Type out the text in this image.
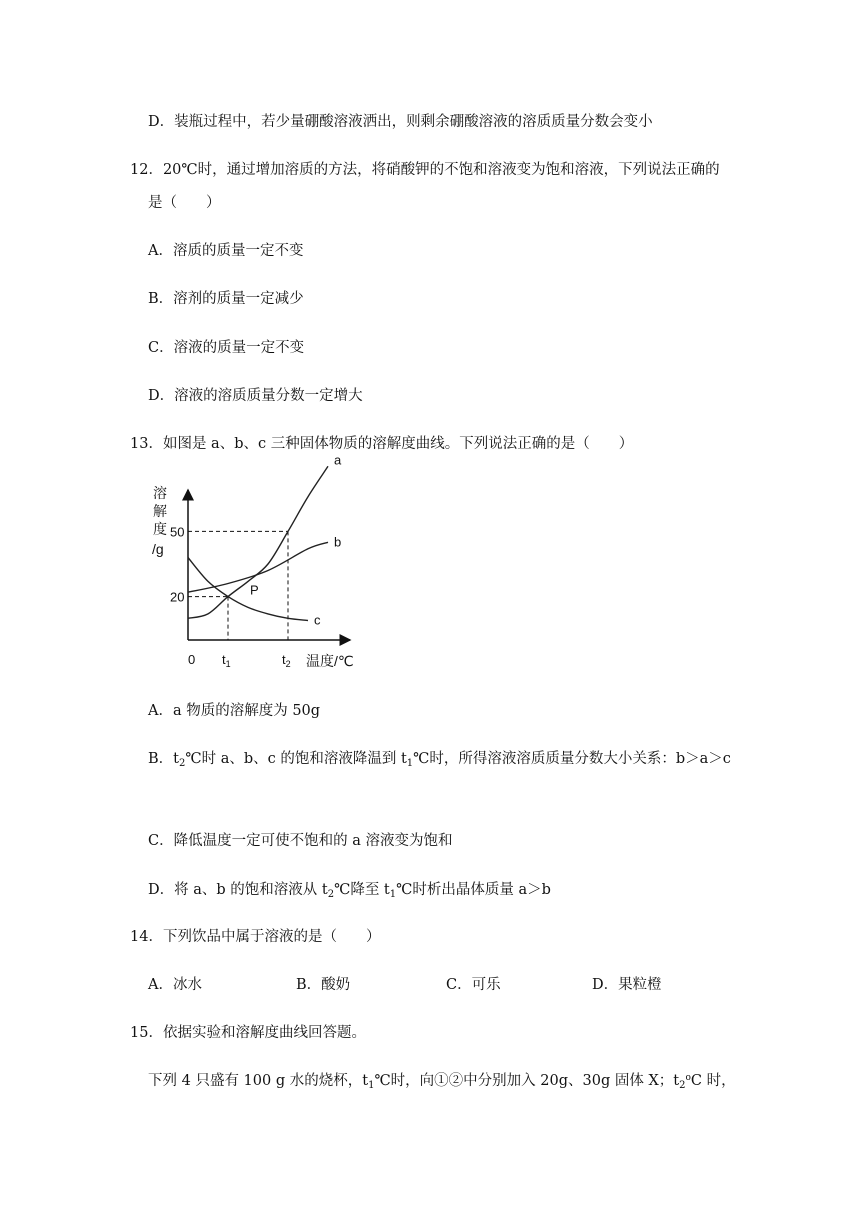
D．装瓶过程中，若少量硼酸溶液洒出，则剩余硼酸溶液的溶质质量分数会变小
12．20℃时，通过增加溶质的方法，将硝酸钾的不饱和溶液变为饱和溶液，下列说法正确的
是（　　）
A．溶质的质量一定不变
B．溶剂的质量一定减少
C．溶液的质量一定不变
D．溶液的溶质质量分数一定增大
13．如图是 a、b、c 三种固体物质的溶解度曲线。下列说法正确的是（　　）
溶
解
度
/g
0	温度/℃
50
20
$t_1$	$t_2$
a
b
c
P
A．a 物质的溶解度为 50g
B．$t_2℃$时 a、b、c 的饱和溶液降温到 $t_1℃$时，所得溶液溶质质量分数大小关系：b＞a＞c
C．降低温度一定可使不饱和的 a 溶液变为饱和
D．将 a、b 的饱和溶液从 $t_2℃$降至 $t_1℃$时析出晶体质量 a＞b
14．下列饮品中属于溶液的是（　　）
A．冰水	B．酸奶	C．可乐	D．果粒橙
15．依据实验和溶解度曲线回答题。
下列 4 只盛有 100 g 水的烧杯，$t_1℃$时，向①②中分别加入 20g、30g 固体 X；$t_2^oC$ 时，
